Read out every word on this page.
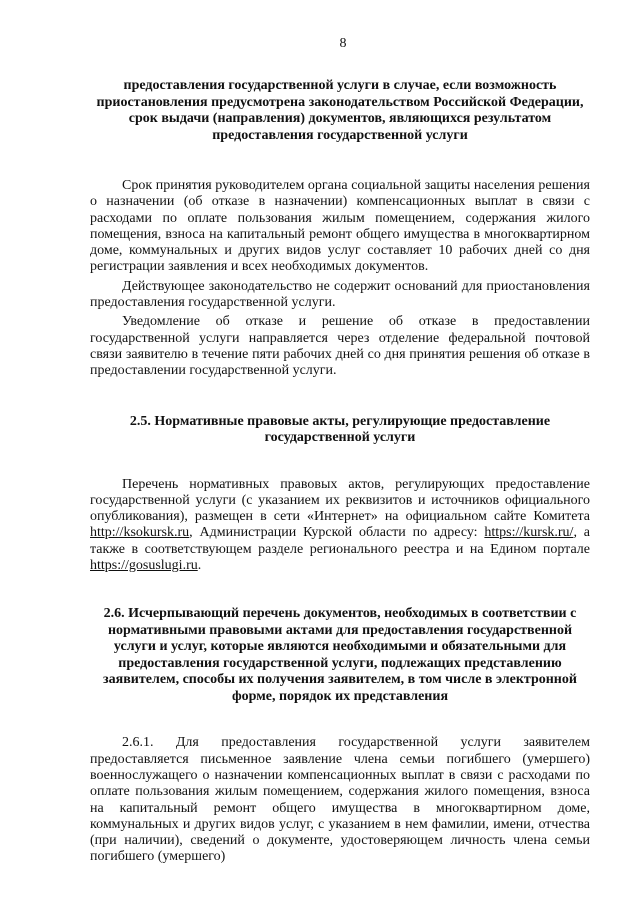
8

предоставления государственной услуги в случае, если возможность приостановления предусмотрена законодательством Российской Федерации, срок выдачи (направления) документов, являющихся результатом предоставления государственной услуги

Срок принятия руководителем органа социальной защиты населения решения о назначении (об отказе в назначении) компенсационных выплат в связи с расходами по оплате пользования жилым помещением, содержания жилого помещения, взноса на капитальный ремонт общего имущества в многоквартирном доме, коммунальных и других видов услуг составляет 10 рабочих дней со дня регистрации заявления и всех необходимых документов.

Действующее законодательство не содержит оснований для приостановления предоставления государственной услуги.

Уведомление об отказе и решение об отказе в предоставлении государственной услуги направляется через отделение федеральной почтовой связи заявителю в течение пяти рабочих дней со дня принятия решения об отказе в предоставлении государственной услуги.

2.5. Нормативные правовые акты, регулирующие предоставление государственной услуги

Перечень нормативных правовых актов, регулирующих предоставление государственной услуги (с указанием их реквизитов и источников официального опубликования), размещен в сети «Интернет» на официальном сайте Комитета http://ksokursk.ru, Администрации Курской области по адресу: https://kursk.ru/, а также в соответствующем разделе регионального реестра и на Едином портале https://gosuslugi.ru.

2.6. Исчерпывающий перечень документов, необходимых в соответствии с нормативными правовыми актами для предоставления государственной услуги и услуг, которые являются необходимыми и обязательными для предоставления государственной услуги, подлежащих представлению заявителем, способы их получения заявителем, в том числе в электронной форме, порядок их представления

2.6.1. Для предоставления государственной услуги заявителем предоставляется письменное заявление члена семьи погибшего (умершего) военнослужащего о назначении компенсационных выплат в связи с расходами по оплате пользования жилым помещением, содержания жилого помещения, взноса на капитальный ремонт общего имущества в многоквартирном доме, коммунальных и других видов услуг, с указанием в нем фамилии, имени, отчества (при наличии), сведений о документе, удостоверяющем личность члена семьи погибшего (умершего)
